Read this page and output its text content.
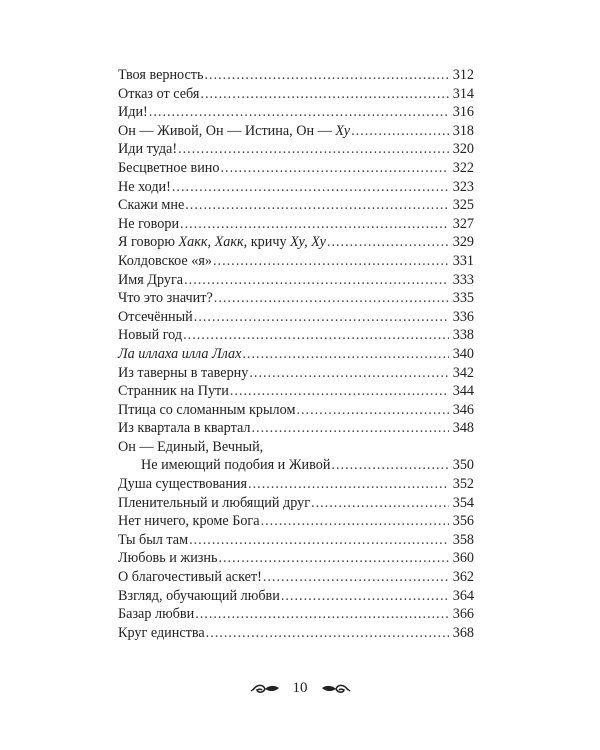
Твоя верность .....	312
Отказ от себя .....	314
Иди! .....	316
Он — Живой, Он — Истина, Он — Ху .....	318
Иди туда! .....	320
Бесцветное вино .....	322
Не ходи! .....	323
Скажи мне .....	325
Не говори .....	327
Я говорю Хакк, Хакк, кричу Ху, Ху .....	329
Колдовское «я» .....	331
Имя Друга .....	333
Что это значит? .....	335
Отсечённый .....	336
Новый год .....	338
Ла иллаха илла Ллах .....	340
Из таверны в таверну .....	342
Странник на Пути .....	344
Птица со сломанным крылом .....	346
Из квартала в квартал .....	348
Он — Единый, Вечный,
Не имеющий подобия и Живой .....	350
Душа существования .....	352
Пленительный и любящий друг .....	354
Нет ничего, кроме Бога .....	356
Ты был там .....	358
Любовь и жизнь .....	360
О благочестивый аскет! .....	362
Взгляд, обучающий любви .....	364
Базар любви .....	366
Круг единства .....	368
10
